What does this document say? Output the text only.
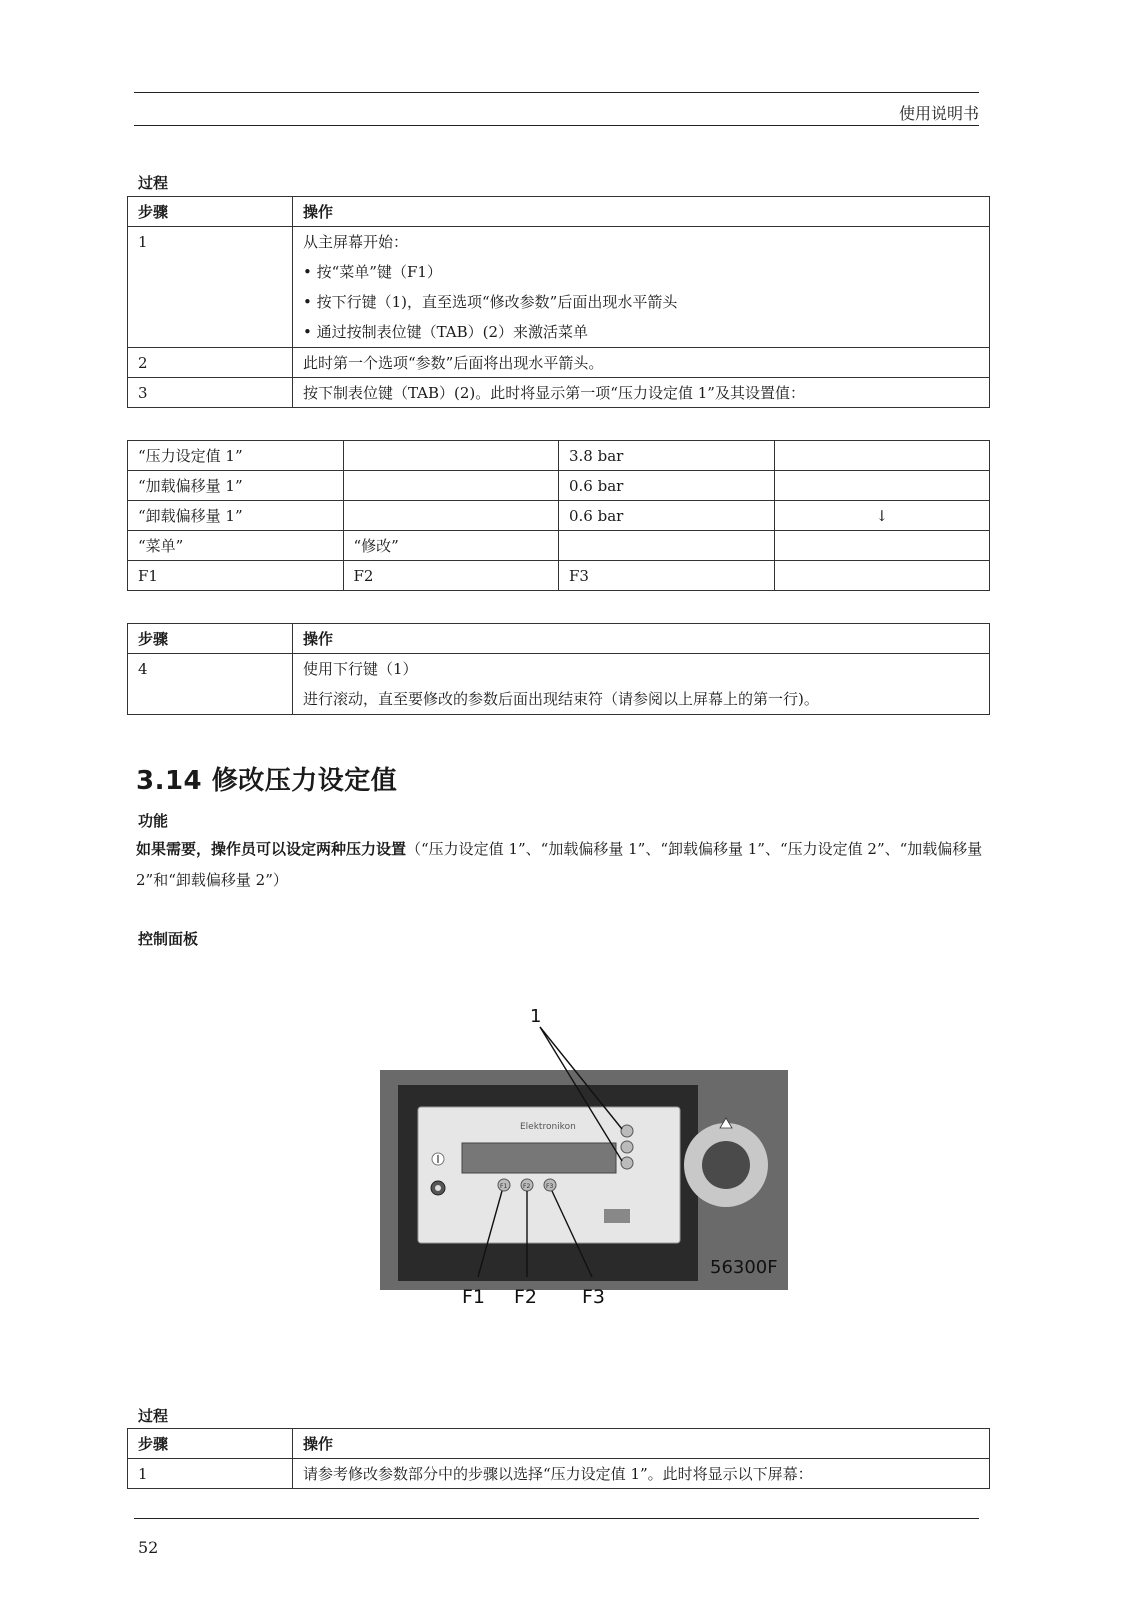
使用说明书
过程
步骤	操作
1	从主屏幕开始：
• 按“菜单”键（F1）
• 按下行键（1)，直至选项“修改参数”后面出现水平箭头
• 通过按制表位键（TAB）(2）来激活菜单

2	此时第一个选项“参数”后面将出现水平箭头。
3	按下制表位键（TAB）(2)。此时将显示第一项“压力设定值 1”及其设置值：
“压力设定值 1”		3.8 bar	
“加载偏移量 1”		0.6 bar	
“卸载偏移量 1”		0.6 bar	↓
“菜单”	“修改”		
F1	F2	F3	
步骤	操作
4	使用下行键（1）
进行滚动，直至要修改的参数后面出现结束符（请参阅以上屏幕上的第一行)。
3.14 修改压力设定值
功能
如果需要，操作员可以设定两种压力设置（“压力设定值 1”、“加载偏移量 1”、“卸载偏移量 1”、“压力设定值 2”、“加载偏移量 2”和“卸载偏移量 2”）
控制面板
Elektronikon
F1	F2	F3
1
F1 F2 F3
56300F
过程
步骤	操作
1	请参考修改参数部分中的步骤以选择“压力设定值 1”。此时将显示以下屏幕：
52
